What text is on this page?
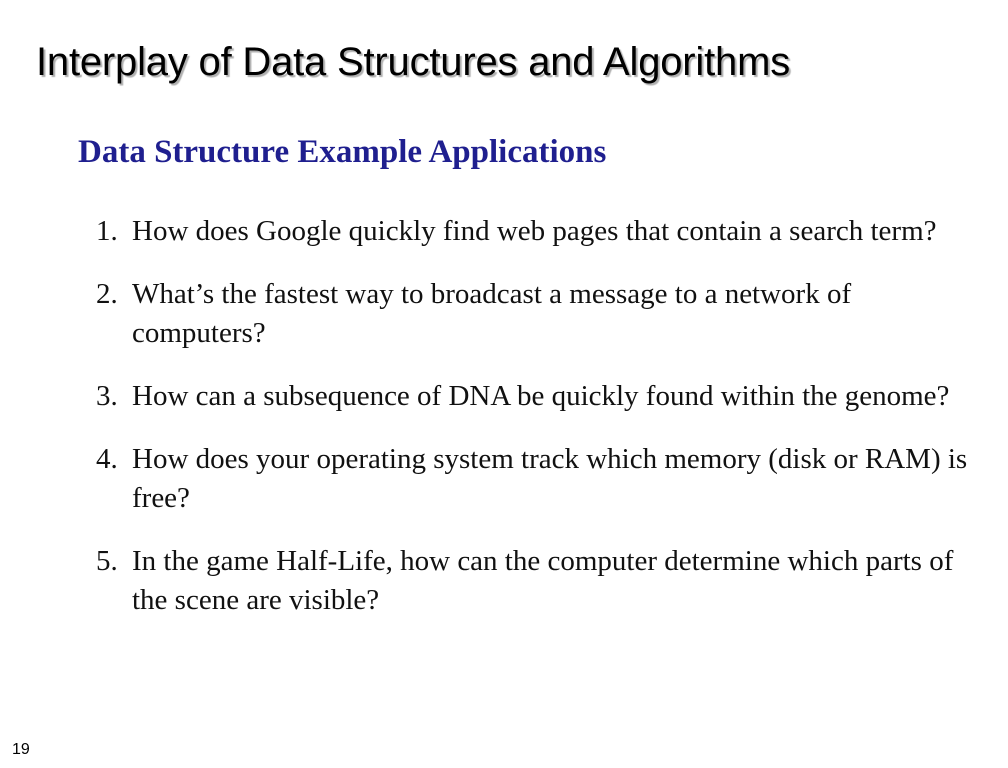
Interplay of Data Structures and Algorithms
Data Structure Example Applications
1. How does Google quickly find web pages that contain a search term?
2. What’s the fastest way to broadcast a message to a network of computers?
3. How can a subsequence of DNA be quickly found within the genome?
4. How does your operating system track which memory (disk or RAM) is free?
5. In the game Half-Life, how can the computer determine which parts of the scene are visible?
19
